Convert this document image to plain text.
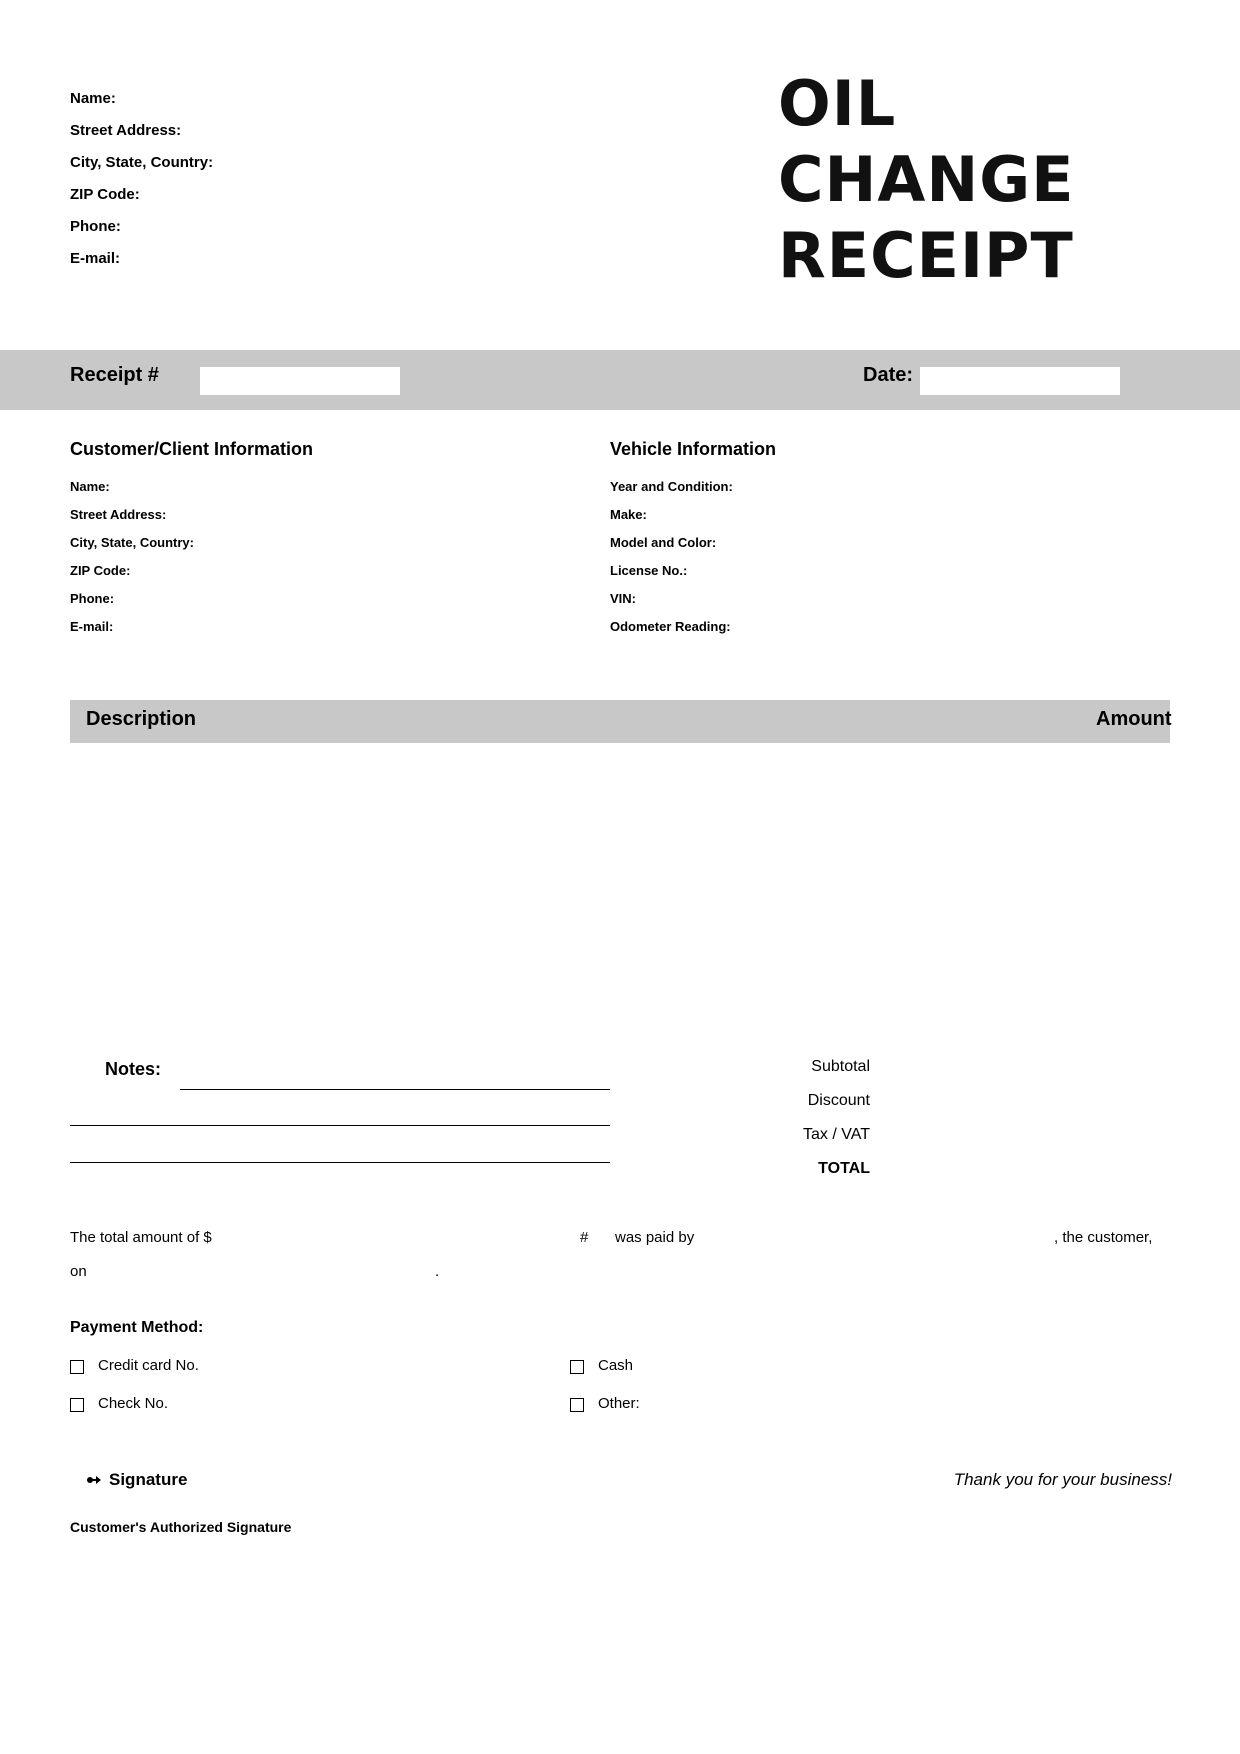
Name:
Street Address:
City, State, Country:
ZIP Code:
Phone:
E-mail:
OIL
CHANGE
RECEIPT
Receipt #	Date:
Customer/Client Information
Name:
Street Address:
City, State, Country:
ZIP Code:
Phone:
E-mail:
Vehicle Information
Year and Condition:
Make:
Model and Color:
License No.:
VIN:
Odometer Reading:
Description	Amount
Notes:	Subtotal
Discount
Tax / VAT
TOTAL
The total amount of $	# was paid by	, the customer,
on	.
Payment Method:
Credit card No.	Cash
Check No.	Other:
Signature	Thank you for your business!
Customer's Authorized Signature
